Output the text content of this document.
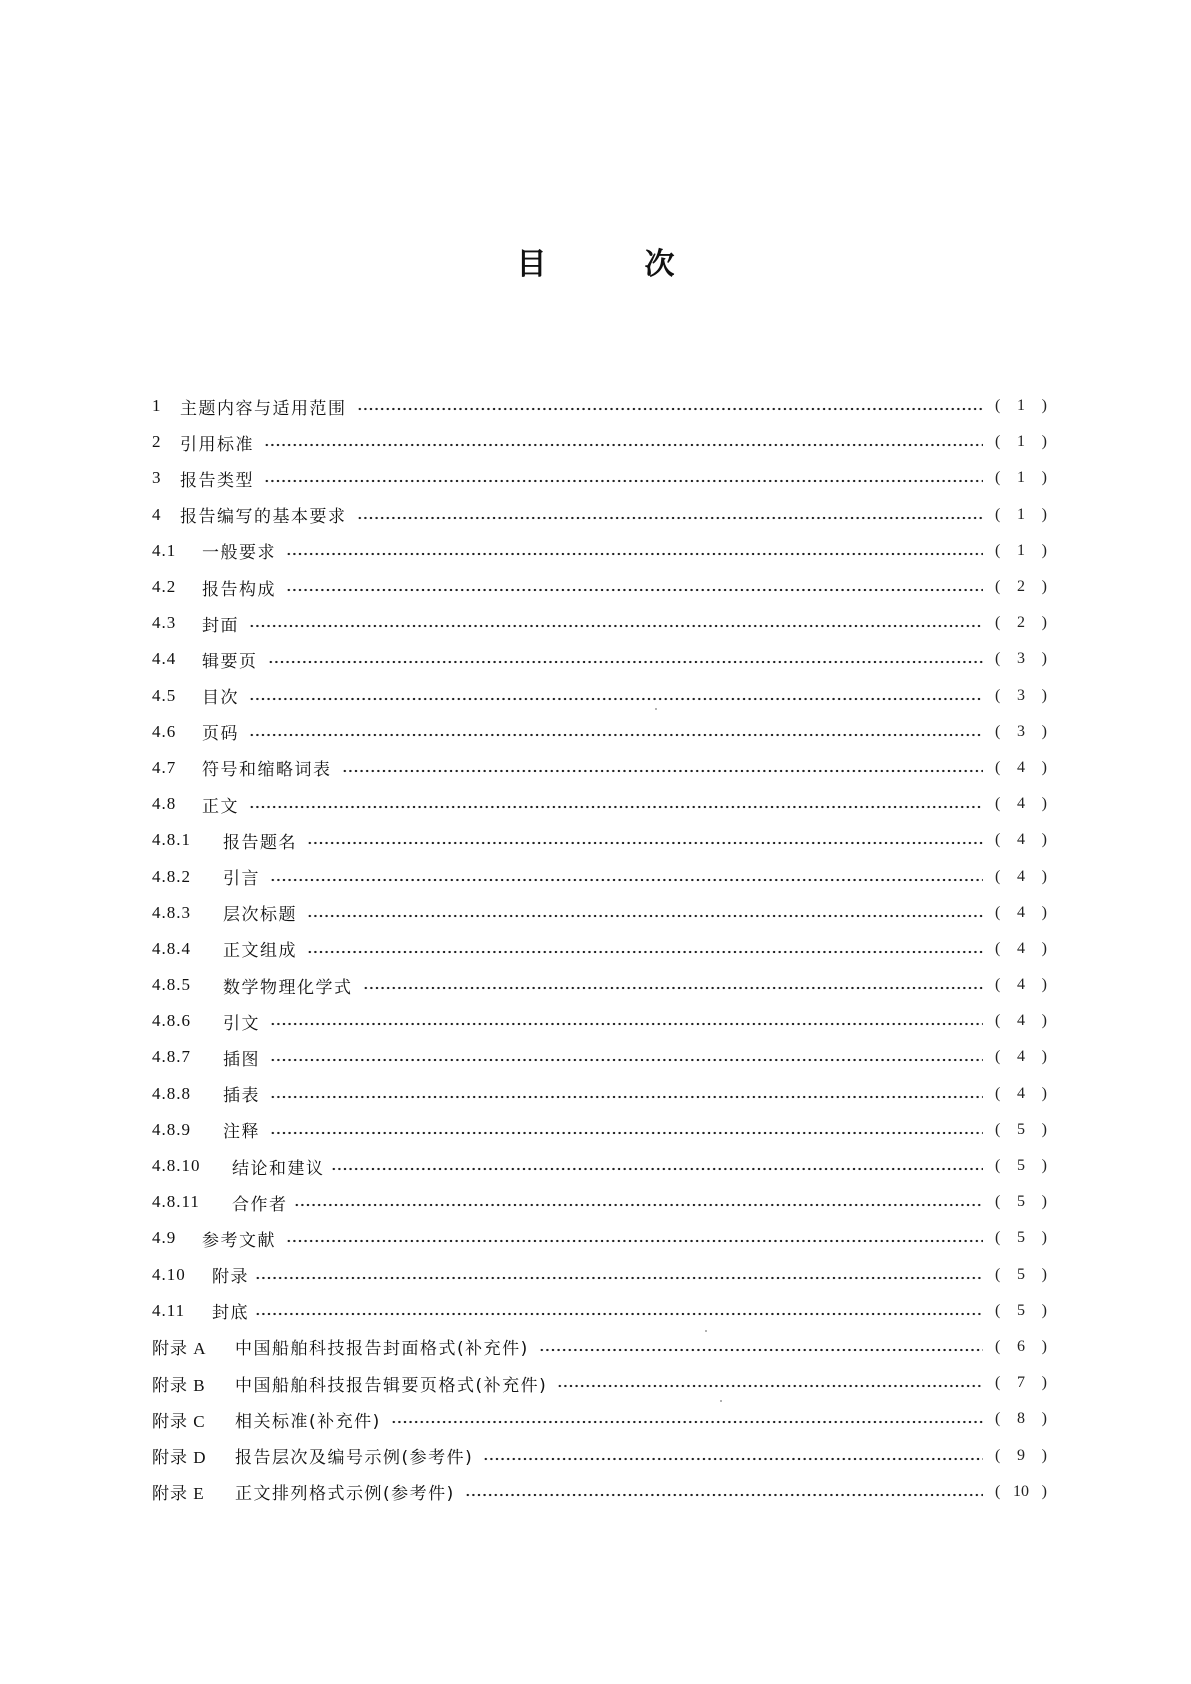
目	次
1	主题内容与适用范围	(	1	)
2	引用标准	(	1	)
3	报告类型	(	1	)
4	报告编写的基本要求	(	1	)
4.1	一般要求	(	1	)
4.2	报告构成	(	2	)
4.3	封面	(	2	)
4.4	辑要页	(	3	)
4.5	目次	(	3	)
4.6	页码	(	3	)
4.7	符号和缩略词表	(	4	)
4.8	正文	(	4	)
4.8.1	报告题名	(	4	)
4.8.2	引言	(	4	)
4.8.3	层次标题	(	4	)
4.8.4	正文组成	(	4	)
4.8.5	数学物理化学式	(	4	)
4.8.6	引文	(	4	)
4.8.7	插图	(	4	)
4.8.8	插表	(	4	)
4.8.9	注释	(	5	)
4.8.10	结论和建议	(	5	)
4.8.11	合作者	(	5	)
4.9	参考文献	(	5	)
4.10	附录	(	5	)
4.11	封底	(	5	)
附录 A	中国船舶科技报告封面格式(补充件)	(	6	)
附录 B	中国船舶科技报告辑要页格式(补充件)	(	7	)
附录 C	相关标准(补充件)	(	8	)
附录 D	报告层次及编号示例(参考件)	(	9	)
附录 E	正文排列格式示例(参考件)	( 10 )
